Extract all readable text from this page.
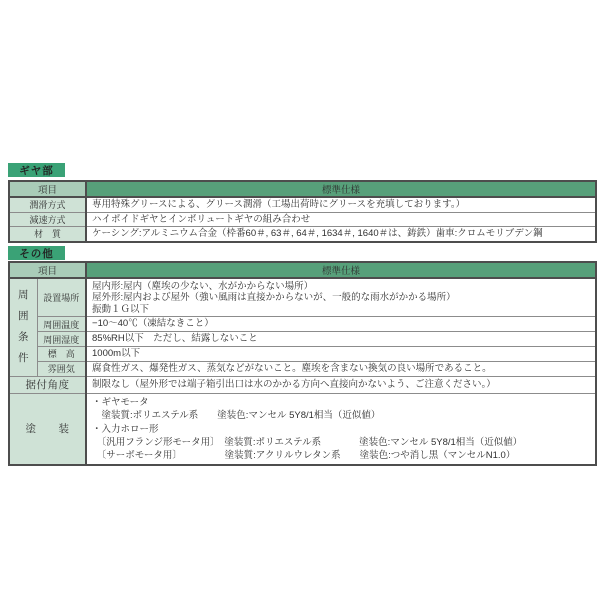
ギヤ部
項目	標準仕様
潤滑方式	専用特殊グリースによる、グリース潤滑（工場出荷時にグリースを充填しております。）
減速方式	ハイポイドギヤとインボリュートギヤの組み合わせ
材　質	ケーシング:アルミニウム合金（枠番60＃, 63＃, 64＃, 1634＃, 1640＃は、鋳鉄）歯車:クロムモリブデン鋼
その他
項目		標準仕様

周囲条件	設置場所	屋内形:屋内（塵埃の少ない、水がかからない場所）
屋外形:屋内および屋外（強い風雨は直接かからないが、一般的な雨水がかかる場所）
振動１Ｇ以下

	周囲温度	−10〜40℃（凍結なきこと）
	周囲湿度	85%RH以下　ただし、結露しないこと
	標　高	1000m以下
	雰囲気	腐食性ガス、爆発性ガス、蒸気などがないこと。塵埃を含まない換気の良い場所であること。
据付角度		制限なし（屋外形では端子箱引出口は水のかかる方向へ直接向かないよう、ご注意ください。）
塗　　装		・ギヤモータ
　塗装質:ポリエステル系　　塗装色:マンセル 5Y8/1相当（近似値）
・入力ホロー形
　〔汎用フランジ形モータ用〕　塗装質:ポリエステル系　　　　塗装色:マンセル 5Y8/1相当（近似値）
　〔サーボモータ用〕　　　　　塗装質:アクリルウレタン系　　塗装色:つや消し黒（マンセルN1.0）
